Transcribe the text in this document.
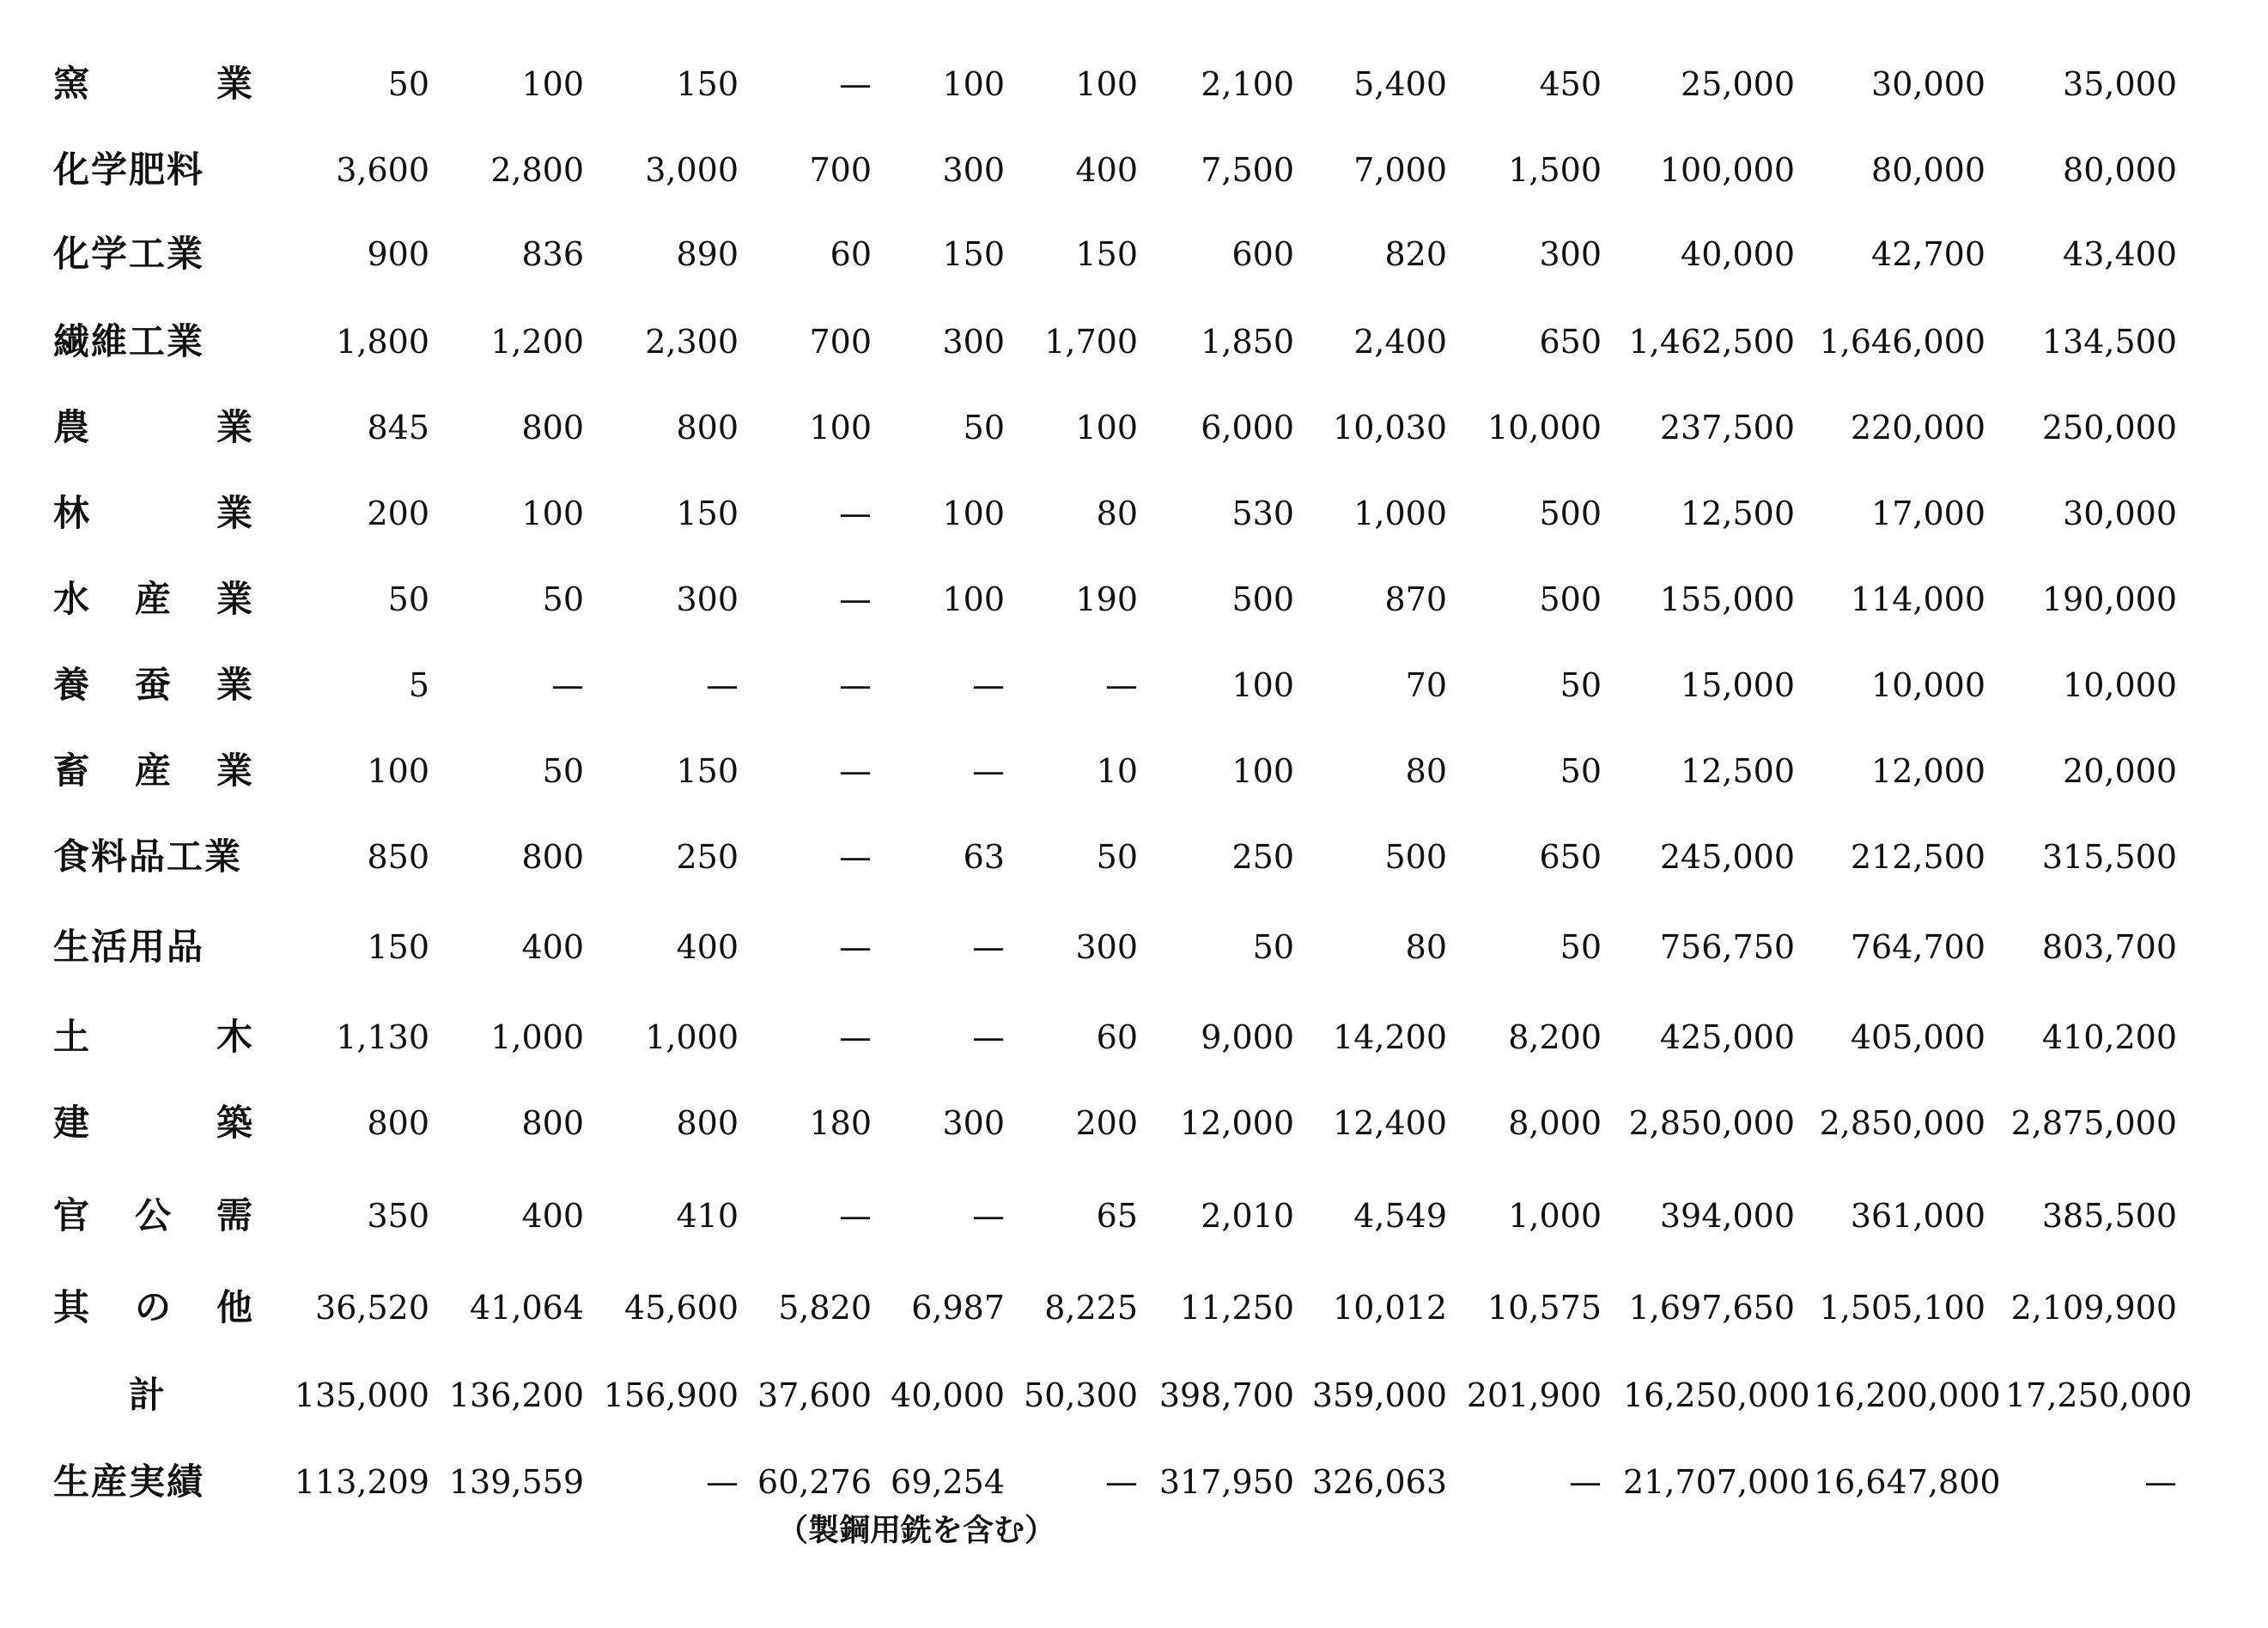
窯	業	50	100	150	—	100	100	2,100	5,400	450	25,000	30,000	35,000
化学肥料	3,600	2,800	3,000	700	300	400	7,500	7,000	1,500	100,000	80,000	80,000
化学工業	900	836	890	60	150	150	600	820	300	40,000	42,700	43,400
繊維工業	1,800	1,200	2,300	700	300	1,700	1,850	2,400	650 1,462,500 1,646,000	134,500
農	業	845	800	800	100	50	100	6,000	10,030	10,000	237,500	220,000	250,000
林	業	200	100	150	—	100	80	530	1,000	500	12,500	17,000	30,000
水 産 業	50	50	300	—	100	190	500	870	500	155,000	114,000	190,000
養 蚕 業	5	—	—	—	—	—	100	70	50	15,000	10,000	10,000
畜 産 業	100	50	150	—	—	10	100	80	50	12,500	12,000	20,000
食料品工業	850	800	250	—	63	50	250	500	650	245,000	212,500	315,500
生活用品	150	400	400	—	—	300	50	80	50	756,750	764,700	803,700
土	木	1,130	1,000	1,000	—	—	60	9,000	14,200	8,200	425,000	405,000	410,200
建	築	800	800	800	180	300	200	12,000	12,400	8,000 2,850,000 2,850,000 2,875,000
官 公 需	350	400	410	—	—	65	2,010	4,549	1,000	394,000	361,000	385,500
其 の 他	36,520	41,064	45,600	5,820	6,987	8,225	11,250	10,012	10,575 1,697,650 1,505,100 2,109,900
計	135,000 136,200 156,900 37,600 40,000 50,300 398,700 359,000 201,900 16,250,000 16,200,000 17,250,000
生産実績	113,209 139,559	— 60,276 69,254	— 317,950 326,063	— 21,707,000 16,647,800	—
（製鋼用銑を含む）
